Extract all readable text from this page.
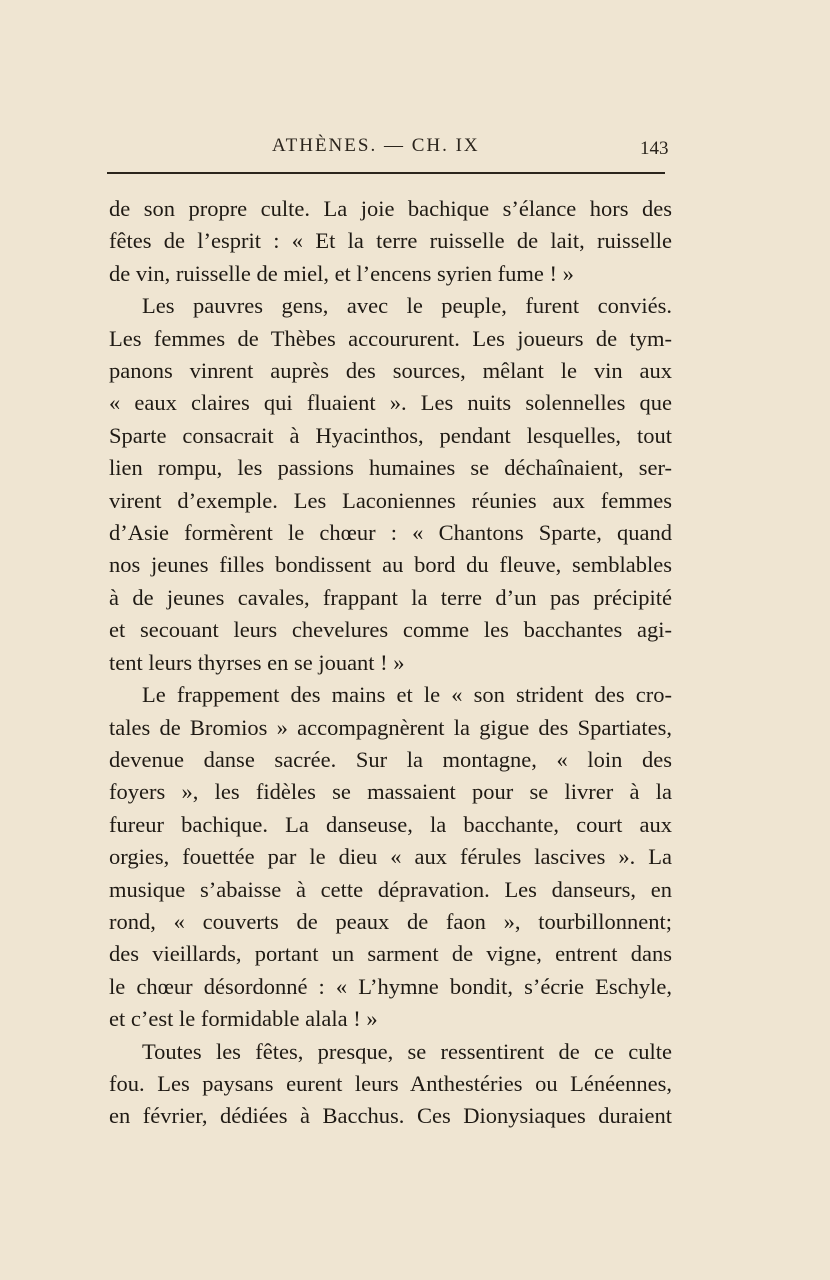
ATHÈNES. — CH. IX	143
de son propre culte. La joie bachique s’élance hors des
fêtes de l’esprit : « Et la terre ruisselle de lait, ruisselle
de vin, ruisselle de miel, et l’encens syrien fume ! »
Les pauvres gens, avec le peuple, furent conviés.
Les femmes de Thèbes accoururent. Les joueurs de tym-
panons vinrent auprès des sources, mêlant le vin aux
« eaux claires qui fluaient ». Les nuits solennelles que
Sparte consacrait à Hyacinthos, pendant lesquelles, tout
lien rompu, les passions humaines se déchaînaient, ser-
virent d’exemple. Les Laconiennes réunies aux femmes
d’Asie formèrent le chœur : « Chantons Sparte, quand
nos jeunes filles bondissent au bord du fleuve, semblables
à de jeunes cavales, frappant la terre d’un pas précipité
et secouant leurs chevelures comme les bacchantes agi-
tent leurs thyrses en se jouant ! »
Le frappement des mains et le « son strident des cro-
tales de Bromios » accompagnèrent la gigue des Spartiates,
devenue danse sacrée. Sur la montagne, « loin des
foyers », les fidèles se massaient pour se livrer à la
fureur bachique. La danseuse, la bacchante, court aux
orgies, fouettée par le dieu « aux férules lascives ». La
musique s’abaisse à cette dépravation. Les danseurs, en
rond, « couverts de peaux de faon », tourbillonnent;
des vieillards, portant un sarment de vigne, entrent dans
le chœur désordonné : « L’hymne bondit, s’écrie Eschyle,
et c’est le formidable alala ! »
Toutes les fêtes, presque, se ressentirent de ce culte
fou. Les paysans eurent leurs Anthestéries ou Lénéennes,
en février, dédiées à Bacchus. Ces Dionysiaques duraient
